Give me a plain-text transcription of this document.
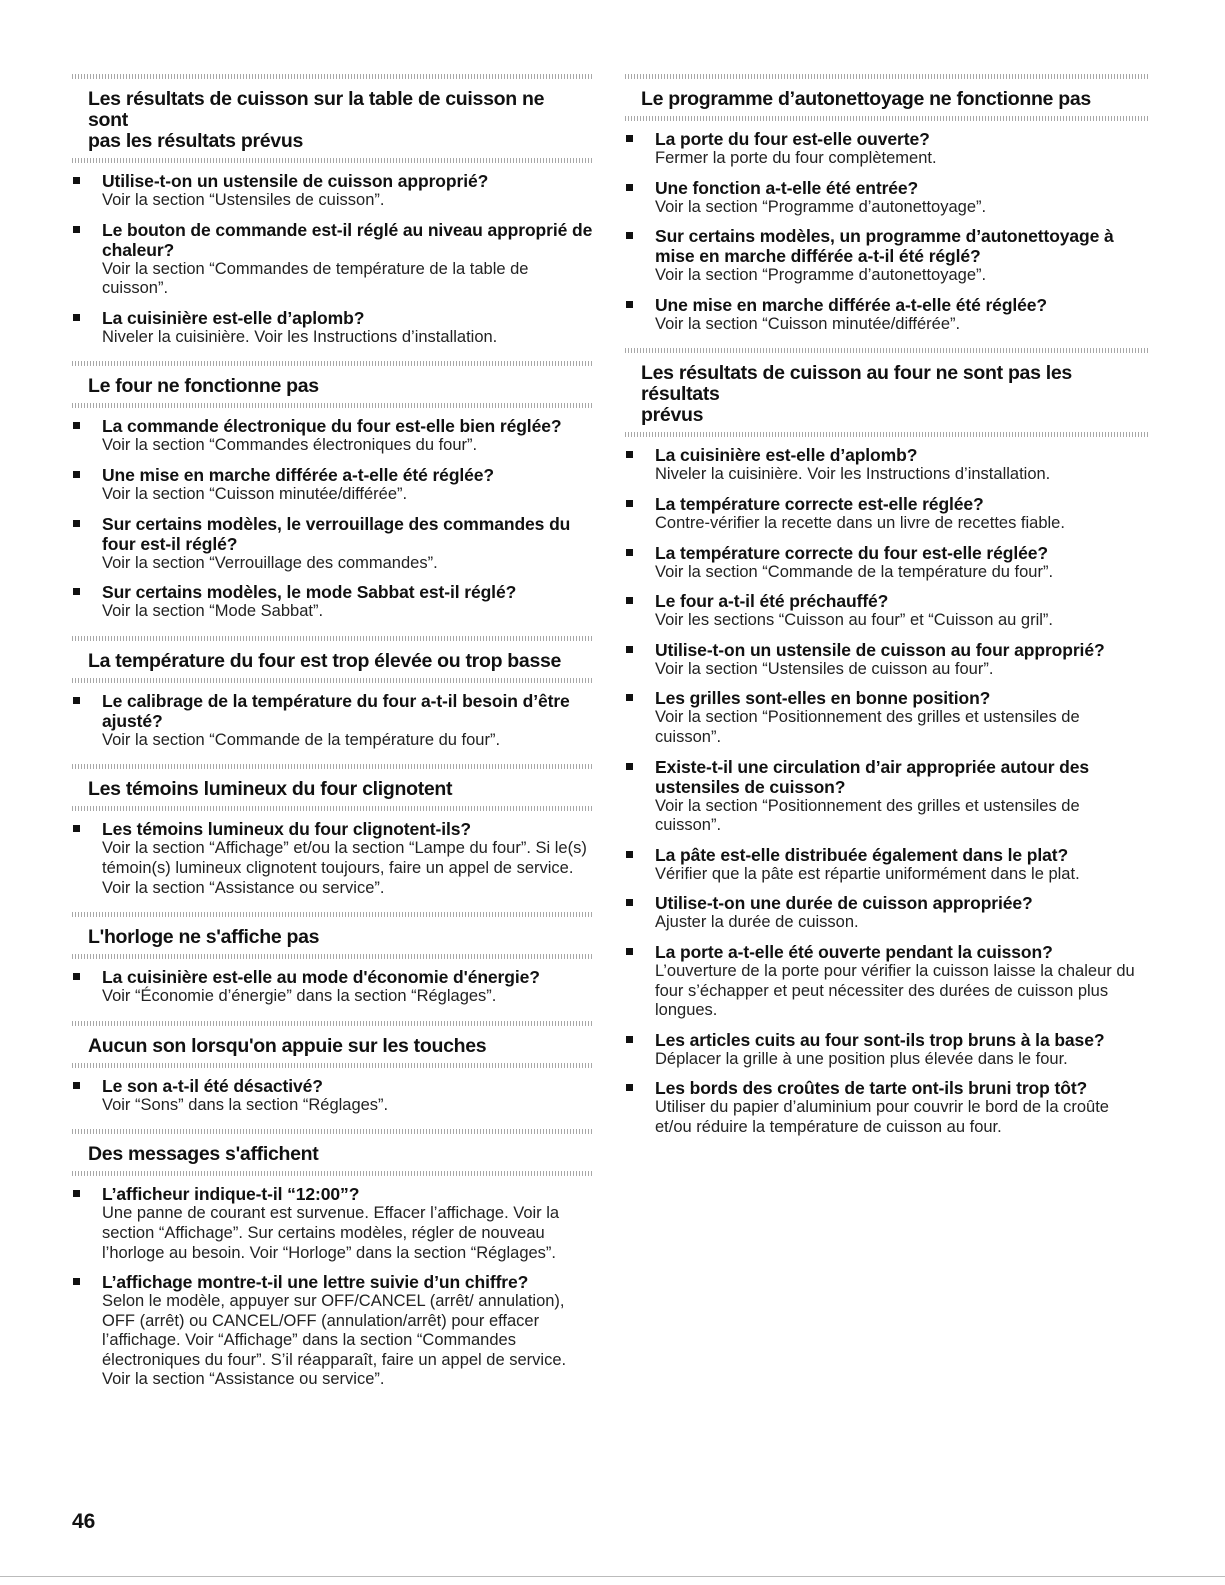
Les résultats de cuisson sur la table de cuisson ne sont
pas les résultats prévus
Utilise-t-on un ustensile de cuisson approprié?
Voir la section “Ustensiles de cuisson”.
Le bouton de commande est-il réglé au niveau approprié de chaleur?
Voir la section “Commandes de température de la table de cuisson”.
La cuisinière est-elle d’aplomb?
Niveler la cuisinière. Voir les Instructions d’installation.
Le four ne fonctionne pas
La commande électronique du four est-elle bien réglée?
Voir la section “Commandes électroniques du four”.
Une mise en marche différée a-t-elle été réglée?
Voir la section “Cuisson minutée/différée”.
Sur certains modèles, le verrouillage des commandes du four est-il réglé?
Voir la section “Verrouillage des commandes”.
Sur certains modèles, le mode Sabbat est-il réglé?
Voir la section “Mode Sabbat”.
La température du four est trop élevée ou trop basse
Le calibrage de la température du four a-t-il besoin d’être ajusté?
Voir la section “Commande de la température du four”.
Les témoins lumineux du four clignotent
Les témoins lumineux du four clignotent-ils?
Voir la section “Affichage” et/ou la section “Lampe du four”. Si le(s) témoin(s) lumineux clignotent toujours, faire un appel de service. Voir la section “Assistance ou service”.
L'horloge ne s'affiche pas
La cuisinière est-elle au mode d'économie d'énergie?
Voir “Économie d’énergie” dans la section “Réglages”.
Aucun son lorsqu'on appuie sur les touches
Le son a-t-il été désactivé?
Voir “Sons” dans la section “Réglages”.
Des messages s'affichent
L’afficheur indique-t-il “12:00”?
Une panne de courant est survenue. Effacer l’affichage. Voir la section “Affichage”. Sur certains modèles, régler de nouveau l’horloge au besoin. Voir “Horloge” dans la section “Réglages”.
L’affichage montre-t-il une lettre suivie d’un chiffre?
Selon le modèle, appuyer sur OFF/CANCEL (arrêt/ annulation), OFF (arrêt) ou CANCEL/OFF (annulation/arrêt) pour effacer l’affichage. Voir “Affichage” dans la section “Commandes électroniques du four”. S’il réapparaît, faire un appel de service. Voir la section “Assistance ou service”.
Le programme d’autonettoyage ne fonctionne pas
La porte du four est-elle ouverte?
Fermer la porte du four complètement.
Une fonction a-t-elle été entrée?
Voir la section “Programme d’autonettoyage”.
Sur certains modèles, un programme d’autonettoyage à mise en marche différée a-t-il été réglé?
Voir la section “Programme d’autonettoyage”.
Une mise en marche différée a-t-elle été réglée?
Voir la section “Cuisson minutée/différée”.
Les résultats de cuisson au four ne sont pas les résultats
prévus
La cuisinière est-elle d’aplomb?
Niveler la cuisinière. Voir les Instructions d’installation.
La température correcte est-elle réglée?
Contre-vérifier la recette dans un livre de recettes fiable.
La température correcte du four est-elle réglée?
Voir la section “Commande de la température du four”.
Le four a-t-il été préchauffé?
Voir les sections “Cuisson au four” et “Cuisson au gril”.
Utilise-t-on un ustensile de cuisson au four approprié?
Voir la section “Ustensiles de cuisson au four”.
Les grilles sont-elles en bonne position?
Voir la section “Positionnement des grilles et ustensiles de cuisson”.
Existe-t-il une circulation d’air appropriée autour des ustensiles de cuisson?
Voir la section “Positionnement des grilles et ustensiles de cuisson”.
La pâte est-elle distribuée également dans le plat?
Vérifier que la pâte est répartie uniformément dans le plat.
Utilise-t-on une durée de cuisson appropriée?
Ajuster la durée de cuisson.
La porte a-t-elle été ouverte pendant la cuisson?
L’ouverture de la porte pour vérifier la cuisson laisse la chaleur du four s’échapper et peut nécessiter des durées de cuisson plus longues.
Les articles cuits au four sont-ils trop bruns à la base?
Déplacer la grille à une position plus élevée dans le four.
Les bords des croûtes de tarte ont-ils bruni trop tôt?
Utiliser du papier d’aluminium pour couvrir le bord de la croûte et/ou réduire la température de cuisson au four.
46
